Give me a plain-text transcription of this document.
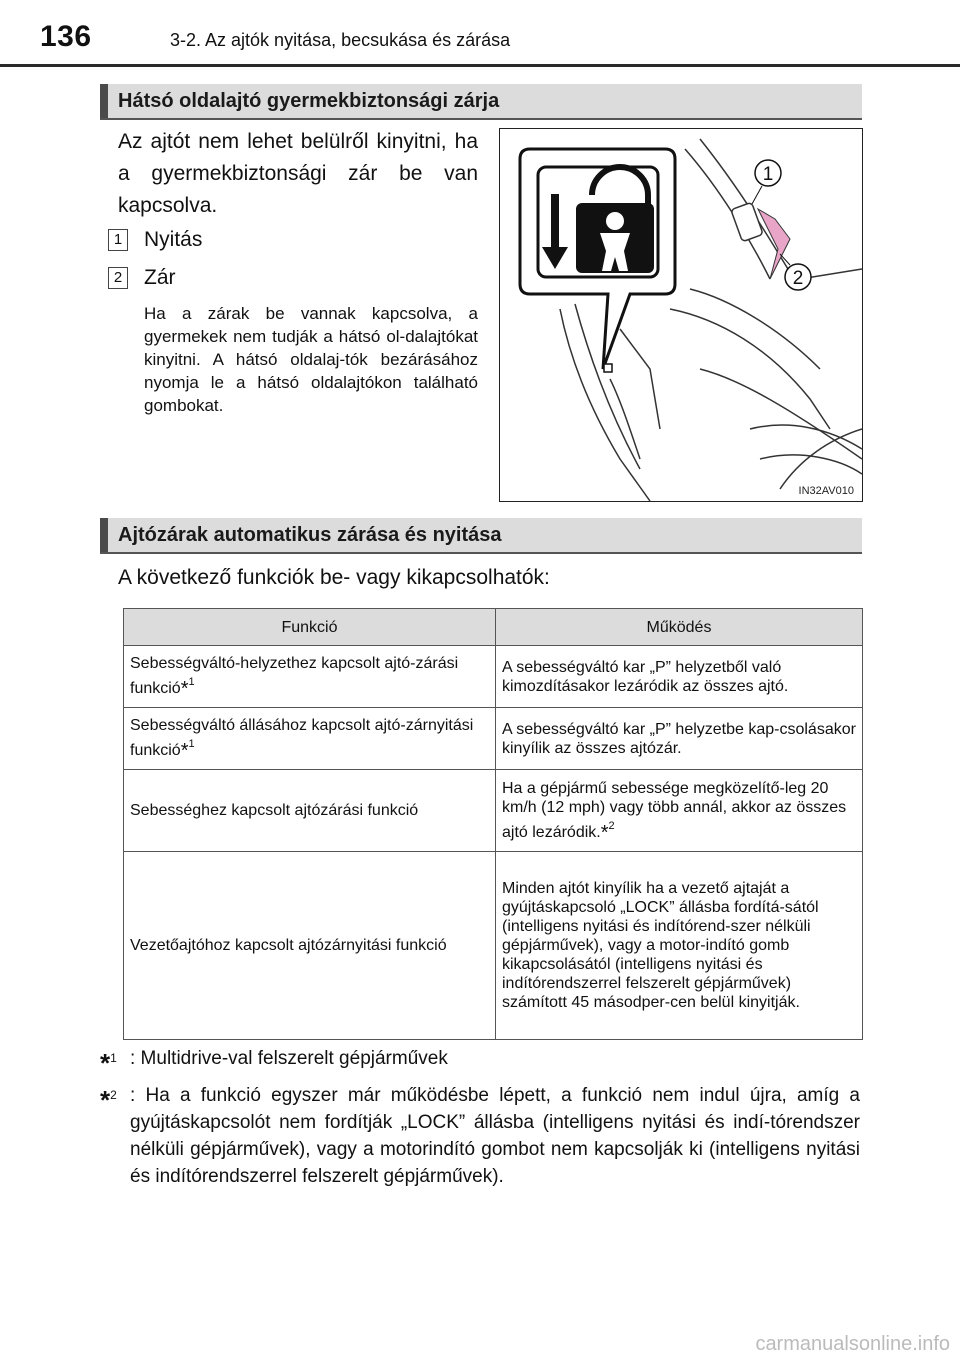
136	3-2. Az ajtók nyitása, becsukása és zárása
Hátsó oldalajtó gyermekbiztonsági zárja
Az ajtót nem lehet belülről kinyitni, ha a gyermekbiztonsági zár be van kapcsolva.
1 Nyitás
2 Zár
Ha a zárak be vannak kapcsolva, a gyermekek nem tudják a hátsó ol-dalajtókat kinyitni. A hátsó oldalaj-tók bezárásához nyomja le a hátsó oldalajtókon található gombokat.
1
2
IN32AV010
Ajtózárak automatikus zárása és nyitása
A következő funkciók be- vagy kikapcsolhatók:
Funkció	Működés
Sebességváltó-helyzethez kapcsolt ajtó-zárási funkció*$^1$	A sebességváltó kar „P” helyzetből való kimozdításakor lezáródik az összes ajtó.
Sebességváltó állásához kapcsolt ajtó-zárnyitási funkció*$^1$	A sebességváltó kar „P” helyzetbe kap-csolásakor kinyílik az összes ajtózár.
Sebességhez kapcsolt ajtózárási funkció	Ha a gépjármű sebessége megközelítő-leg 20 km/h (12 mph) vagy több annál, akkor az összes ajtó lezáródik.*$^2$
Vezetőajtóhoz kapcsolt ajtózárnyitási funkció	Minden ajtót kinyílik ha a vezető ajtaját a gyújtáskapcsoló „LOCK” állásba fordítá-sától (intelligens nyitási és indítórend-szer nélküli gépjárművek), vagy a motor-indító gomb kikapcsolásától (intelligens nyitási és indítórendszerrel felszerelt gépjárművek) számított 45 másodper-cen belül kinyitják.
*$^1$ : Multidrive-val felszerelt gépjárművek
*$^2$ : Ha a funkció egyszer már működésbe lépett, a funkció nem indul újra, amíg a gyújtáskapcsolót nem fordítják „LOCK” állásba (intelligens nyitási és indí-tórendszer nélküli gépjárművek), vagy a motorindító gombot nem kapcsolják ki (intelligens nyitási és indítórendszerrel felszerelt gépjárművek).
carmanualsonline.info
